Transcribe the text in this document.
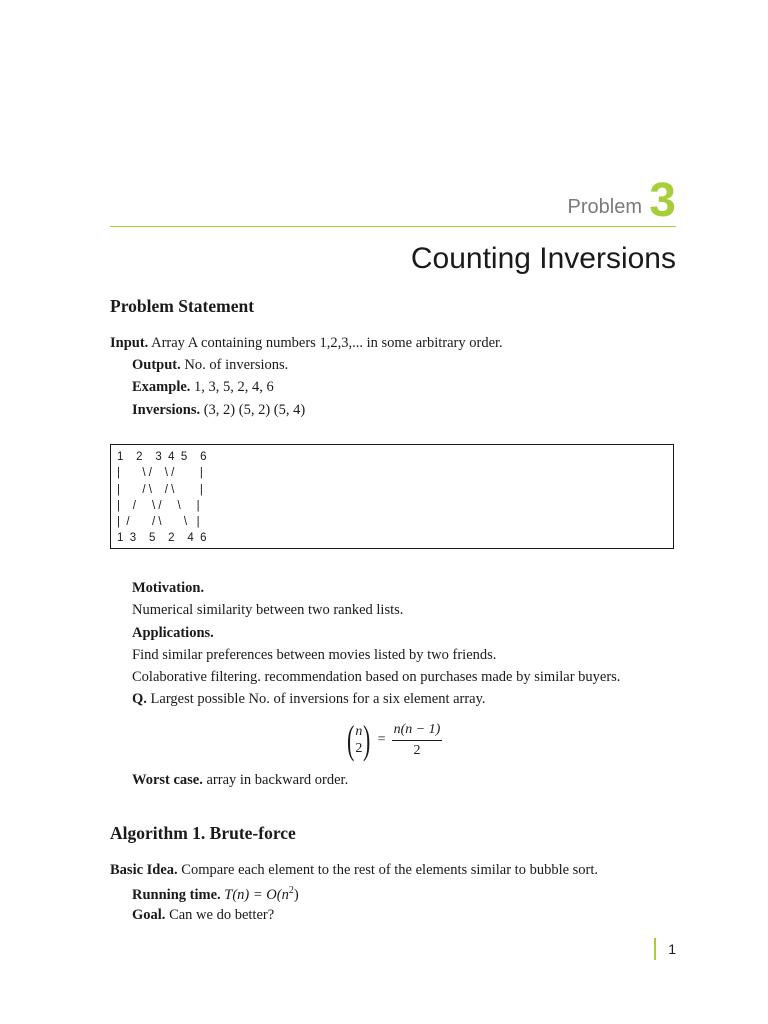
Problem 3
Counting Inversions
Problem Statement
Input. Array A containing numbers 1,2,3,... in some arbitrary order.
Output. No. of inversions.
Example. 1, 3, 5, 2, 4, 6
Inversions. (3, 2) (5, 2) (5, 4)
1    2    3  4  5    6
|       \ /    \ /        |
|       / \    / \        |
|    /     \ /     \     |
|  /       / \       \   |
1  3    5    2    4  6
Motivation.
Numerical similarity between two ranked lists.
Applications.
Find similar preferences between movies listed by two friends.
Colaborative filtering. recommendation based on purchases made by similar buyers.
Q. Largest possible No. of inversions for a six element array.
( n
2 ) = $\frac{n(n - 1)}{2}$
Worst case. array in backward order.
Algorithm 1. Brute-force
Basic Idea. Compare each element to the rest of the elements similar to bubble sort.
Running time. $T(n) = O(n^2)$
Goal. Can we do better?
1
